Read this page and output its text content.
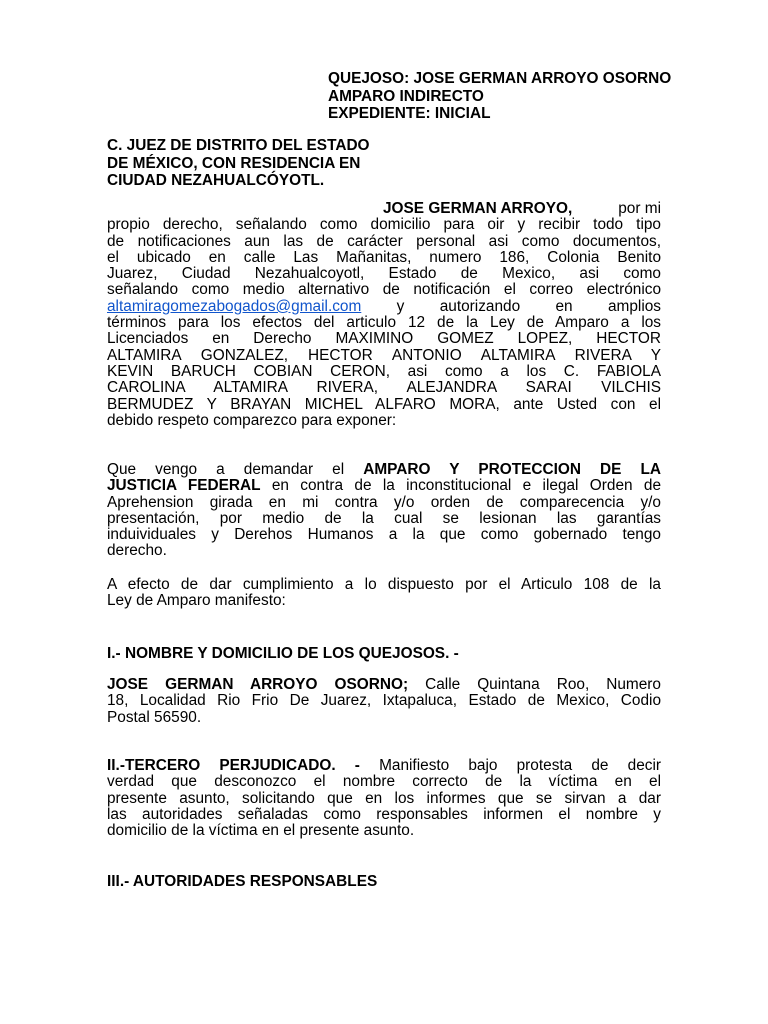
QUEJOSO: JOSE GERMAN ARROYO OSORNO
AMPARO INDIRECTO
EXPEDIENTE: INICIAL
C. JUEZ DE DISTRITO DEL ESTADO
DE MÉXICO, CON RESIDENCIA EN
CIUDAD NEZAHUALCÓYOTL.
JOSE GERMAN ARROYO,	por mi
propio derecho, señalando como domicilio para oir y recibir todo tipo
de notificaciones aun las de carácter personal asi como documentos,
el ubicado en calle Las Mañanitas, numero 186, Colonia Benito
Juarez, Ciudad Nezahualcoyotl, Estado de Mexico, asi como
señalando como medio alternativo de notificación el correo electrónico
altamiragomezabogados@gmail.com y autorizando en amplios
términos para los efectos del articulo 12 de la Ley de Amparo a los
Licenciados en Derecho MAXIMINO GOMEZ LOPEZ, HECTOR
ALTAMIRA GONZALEZ, HECTOR ANTONIO ALTAMIRA RIVERA Y
KEVIN BARUCH COBIAN CERON, asi como a los C. FABIOLA
CAROLINA ALTAMIRA RIVERA, ALEJANDRA SARAI VILCHIS
BERMUDEZ Y BRAYAN MICHEL ALFARO MORA, ante Usted con el
debido respeto comparezco para exponer:
Que vengo a demandar el AMPARO Y PROTECCION DE LA
JUSTICIA FEDERAL en contra de la inconstitucional e ilegal Orden de
Aprehension girada en mi contra y/o orden de comparecencia y/o
presentación, por medio de la cual se lesionan las garantías
induividuales y Derehos Humanos a la que como gobernado tengo
derecho.
A efecto de dar cumplimiento a lo dispuesto por el Articulo 108 de la
Ley de Amparo manifesto:
I.- NOMBRE Y DOMICILIO DE LOS QUEJOSOS. -
JOSE GERMAN ARROYO OSORNO; Calle Quintana Roo, Numero
18, Localidad Rio Frio De Juarez, Ixtapaluca, Estado de Mexico, Codio
Postal 56590.
II.-TERCERO PERJUDICADO. - Manifiesto bajo protesta de decir
verdad que desconozco el nombre correcto de la víctima en el
presente asunto, solicitando que en los informes que se sirvan a dar
las autoridades señaladas como responsables informen el nombre y
domicilio de la víctima en el presente asunto.
III.- AUTORIDADES RESPONSABLES
